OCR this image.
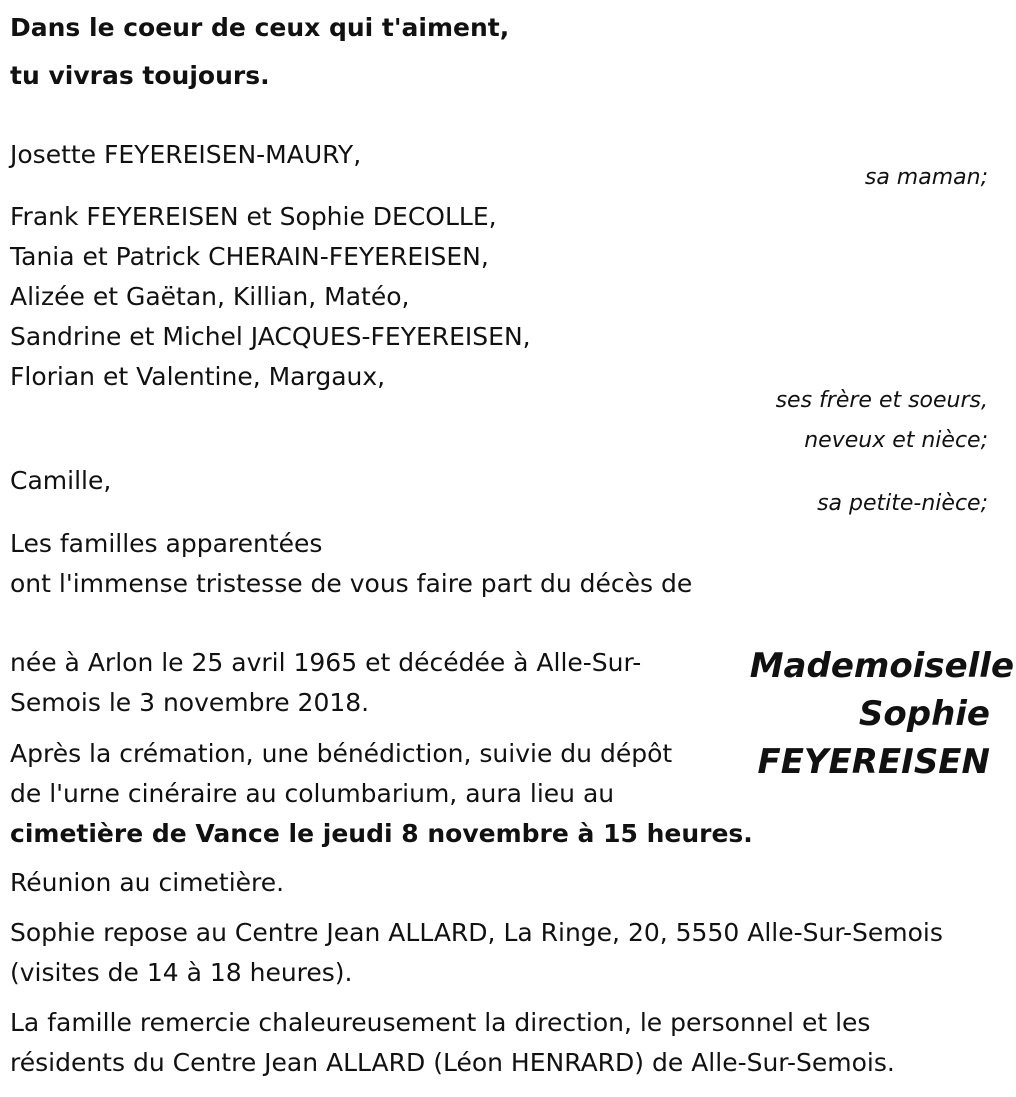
Dans le coeur de ceux qui t'aiment,
tu vivras toujours.
Josette FEYEREISEN-MAURY,
sa maman;
Frank FEYEREISEN et Sophie DECOLLE,
Tania et Patrick CHERAIN-FEYEREISEN,
Alizée et Gaëtan, Killian, Matéo,
Sandrine et Michel JACQUES-FEYEREISEN,
Florian et Valentine, Margaux,
ses frère et soeurs,
neveux et nièce;
Camille,
sa petite-nièce;
Les familles apparentées
ont l'immense tristesse de vous faire part du décès de
Mademoiselle
Sophie
FEYEREISEN
née à Arlon le 25 avril 1965 et décédée à Alle-Sur-
Semois le 3 novembre 2018.
Après la crémation, une bénédiction, suivie du dépôt
de l'urne cinéraire au columbarium, aura lieu au
cimetière de Vance le jeudi 8 novembre à 15 heures.
Réunion au cimetière.
Sophie repose au Centre Jean ALLARD, La Ringe, 20, 5550 Alle-Sur-Semois
(visites de 14 à 18 heures).
La famille remercie chaleureusement la direction, le personnel et les
résidents du Centre Jean ALLARD (Léon HENRARD) de Alle-Sur-Semois.
